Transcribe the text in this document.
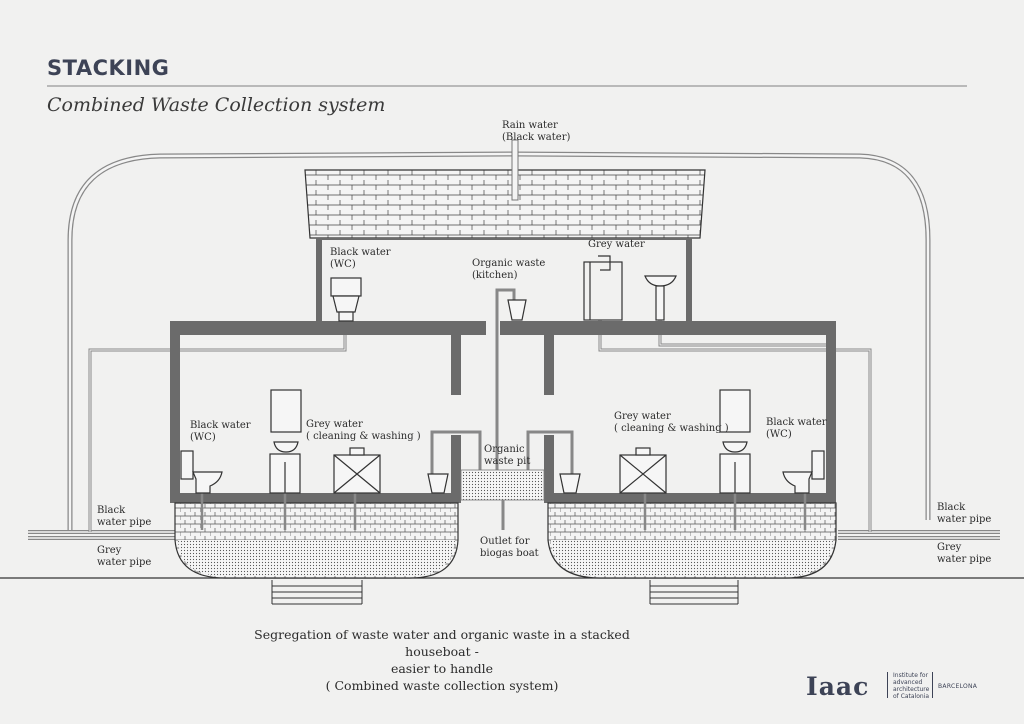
STACKING
Combined Waste Collection system
Rain water
(Black water)
Black water
(WC)	Organic waste
(kitchen)
Grey water
Black water
(WC)
Grey water
( cleaning & washing )
Organic
waste pit
Grey water
( cleaning & washing )
Black water
(WC)
Black
water pipe
Grey
water pipe
Outlet for
biogas boat
Black
water pipe
Grey
water pipe
Segregation of waste water and organic waste in a stacked houseboat -
easier to handle
( Combined waste collection system)	Iaac	Institute for
advanced
architecture
of Catalonia
BARCELONA
